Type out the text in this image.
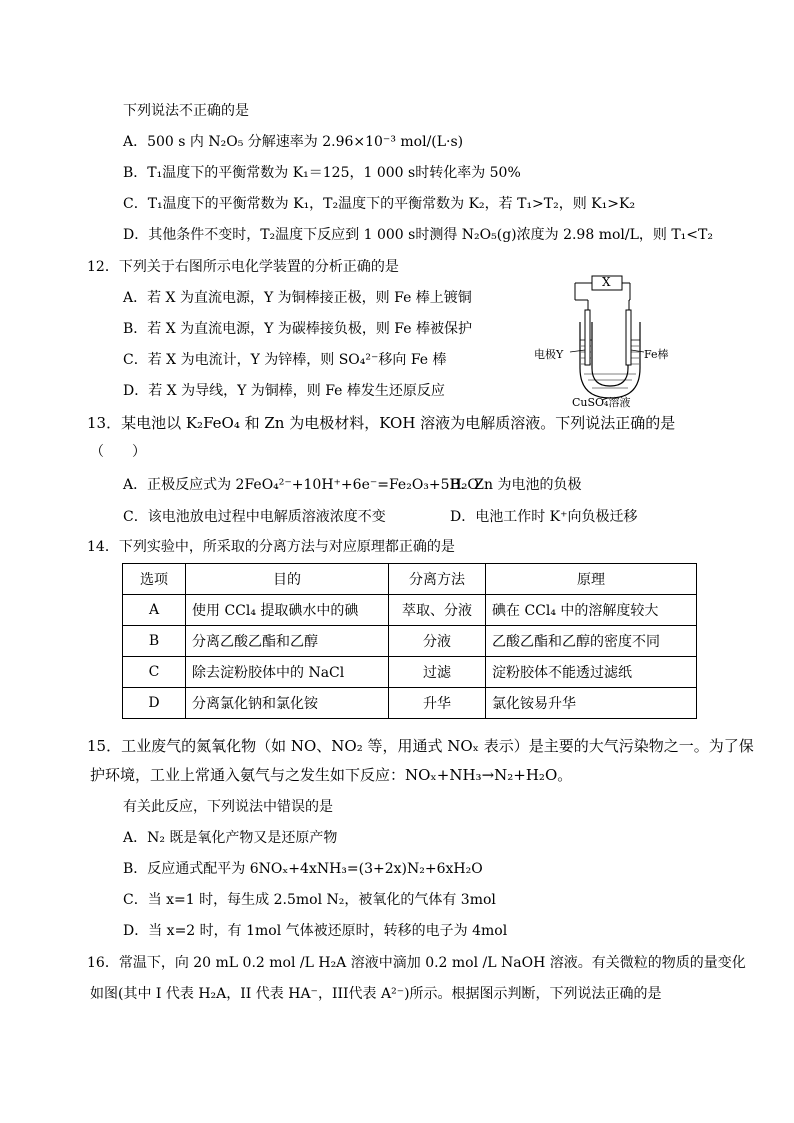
下列说法不正确的是
A．500 s 内 N₂O₅ 分解速率为 2.96×10⁻³ mol/(L·s)
B．T₁温度下的平衡常数为 K₁＝125，1 000 s时转化率为 50%
C．T₁温度下的平衡常数为 K₁，T₂温度下的平衡常数为 K₂，若 T₁>T₂，则 K₁>K₂
D．其他条件不变时，T₂温度下反应到 1 000 s时测得 N₂O₅(g)浓度为 2.98 mol/L，则 T₁<T₂
12．下列关于右图所示电化学装置的分析正确的是
A．若 X 为直流电源，Y 为铜棒接正极，则 Fe 棒上镀铜
B．若 X 为直流电源，Y 为碳棒接负极，则 Fe 棒被保护
C．若 X 为电流计，Y 为锌棒，则 SO₄²⁻移向 Fe 棒
D．若 X 为导线，Y 为铜棒，则 Fe 棒发生还原反应
X
电极Y	Fe棒
CuSO₄溶液
13．某电池以 K₂FeO₄ 和 Zn 为电极材料，KOH 溶液为电解质溶液。下列说法正确的是
（　　）
A．正极反应式为 2FeO₄²⁻+10H⁺+6e⁻=Fe₂O₃+5H₂O
B．Zn 为电池的负极
C．该电池放电过程中电解质溶液浓度不变	D．电池工作时 K⁺向负极迁移
14．下列实验中，所采取的分离方法与对应原理都正确的是
选项	目的	分离方法	原理
A	使用 CCl₄ 提取碘水中的碘	萃取、分液	碘在 CCl₄ 中的溶解度较大
B	分离乙酸乙酯和乙醇	分液	乙酸乙酯和乙醇的密度不同
C	除去淀粉胶体中的 NaCl	过滤	淀粉胶体不能透过滤纸
D	分离氯化钠和氯化铵	升华	氯化铵易升华
15．工业废气的氮氧化物（如 NO、NO₂ 等，用通式 NOₓ 表示）是主要的大气污染物之一。为了保
护环境，工业上常通入氨气与之发生如下反应：NOₓ+NH₃→N₂+H₂O。
有关此反应，下列说法中错误的是
A．N₂ 既是氧化产物又是还原产物
B．反应通式配平为 6NOₓ+4xNH₃=(3+2x)N₂+6xH₂O
C．当 x=1 时，每生成 2.5mol N₂，被氧化的气体有 3mol
D．当 x=2 时，有 1mol 气体被还原时，转移的电子为 4mol
16．常温下，向 20 mL 0.2 mol /L H₂A 溶液中滴加 0.2 mol /L NaOH 溶液。有关微粒的物质的量变化
如图(其中 I 代表 H₂A，II 代表 HA⁻，III代表 A²⁻)所示。根据图示判断，下列说法正确的是
